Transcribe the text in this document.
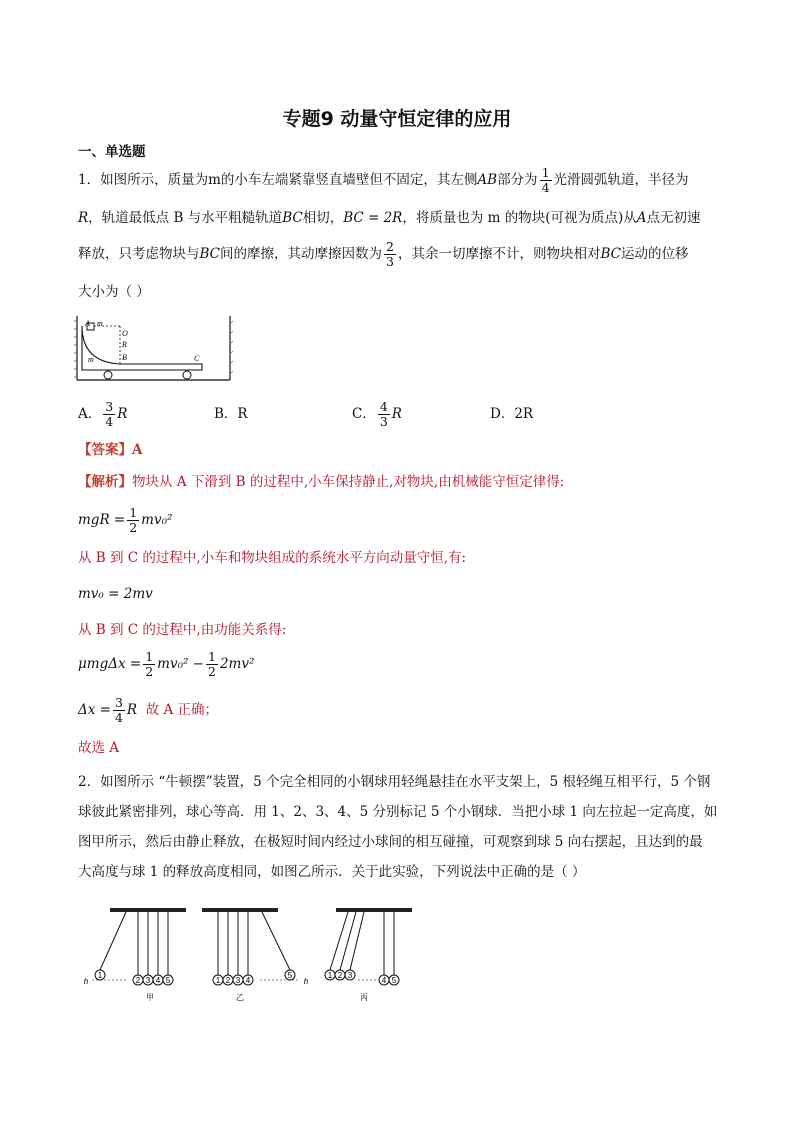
专题9 动量守恒定律的应用
一、单选题
1．如图所示，质量为m的小车左端紧靠竖直墙壁但不固定，其左侧AB部分为 $\frac{1}{4}$ 光滑圆弧轨道，半径为
R，轨道最低点 B 与水平粗糙轨道BC相切，BC = 2R，将质量也为 m 的物块(可视为质点)从A点无初速
释放，只考虑物块与BC间的摩擦，其动摩擦因数为 $\frac{2}{3}$ ，其余一切摩擦不计，则物块相对BC运动的位移
大小为（ ）
A m
O
R
B
m	C
A． $\frac{3}{4}$ R	B．R	C． $\frac{4}{3}$ R	D．2R
【答案】A
【解析】物块从 A 下滑到 B 的过程中,小车保持静止,对物块,由机械能守恒定律得:
mgR = $\frac{1}{2} mv_0^2$
从 B 到 C 的过程中,小车和物块组成的系统水平方向动量守恒,有:
mv₀ = 2mv
从 B 到 C 的过程中,由功能关系得:
$\mu mg\Delta x = \frac{1}{2} mv_0^2 - \frac{1}{2} 2mv^2$
$\Delta x = \frac{3}{4}$ R 故 A 正确；
故选 A
2．如图所示 “牛顿摆”装置，5 个完全相同的小钢球用轻绳悬挂在水平支架上，5 根轻绳互相平行，5 个钢
球彼此紧密排列，球心等高．用 1、2、3、4、5 分别标记 5 个小钢球．当把小球 1 向左拉起一定高度，如
图甲所示，然后由静止释放，在极短时间内经过小球间的相互碰撞，可观察到球 5 向右摆起，且达到的最
大高度与球 1 的释放高度相同，如图乙所示．关于此实验，下列说法中正确的是（ ）
1
2 3 4 5
h
甲
1 2 3 4
5
h
乙
1 2 3
4 5
丙
